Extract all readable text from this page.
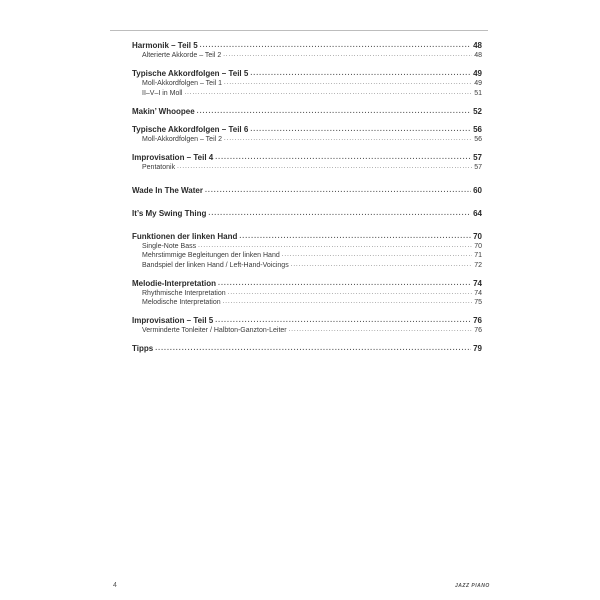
Harmonik – Teil 5 .....	48
Alterierte Akkorde – Teil 2 .....	48
Typische Akkordfolgen – Teil 5 .....	49
Moll-Akkordfolgen – Teil 1 .....	49
II–V–I in Moll .....	51
Makin’ Whoopee .....	52
Typische Akkordfolgen – Teil 6 .....	56
Moll-Akkordfolgen – Teil 2 .....	56
Improvisation – Teil 4 .....	57
Pentatonik .....	57
Wade In The Water .....	60
It’s My Swing Thing .....	64
Funktionen der linken Hand .....	70
Single-Note Bass .....	70
Mehrstimmige Begleitungen der linken Hand .....	71
Bandspiel der linken Hand / Left-Hand-Voicings .....	72
Melodie-Interpretation .....	74
Rhythmische Interpretation .....	74
Melodische Interpretation .....	75
Improvisation – Teil 5 .....	76
Verminderte Tonleiter / Halbton-Ganzton-Leiter .....	76
Tipps .....	79
4	JAZZ PIANO
